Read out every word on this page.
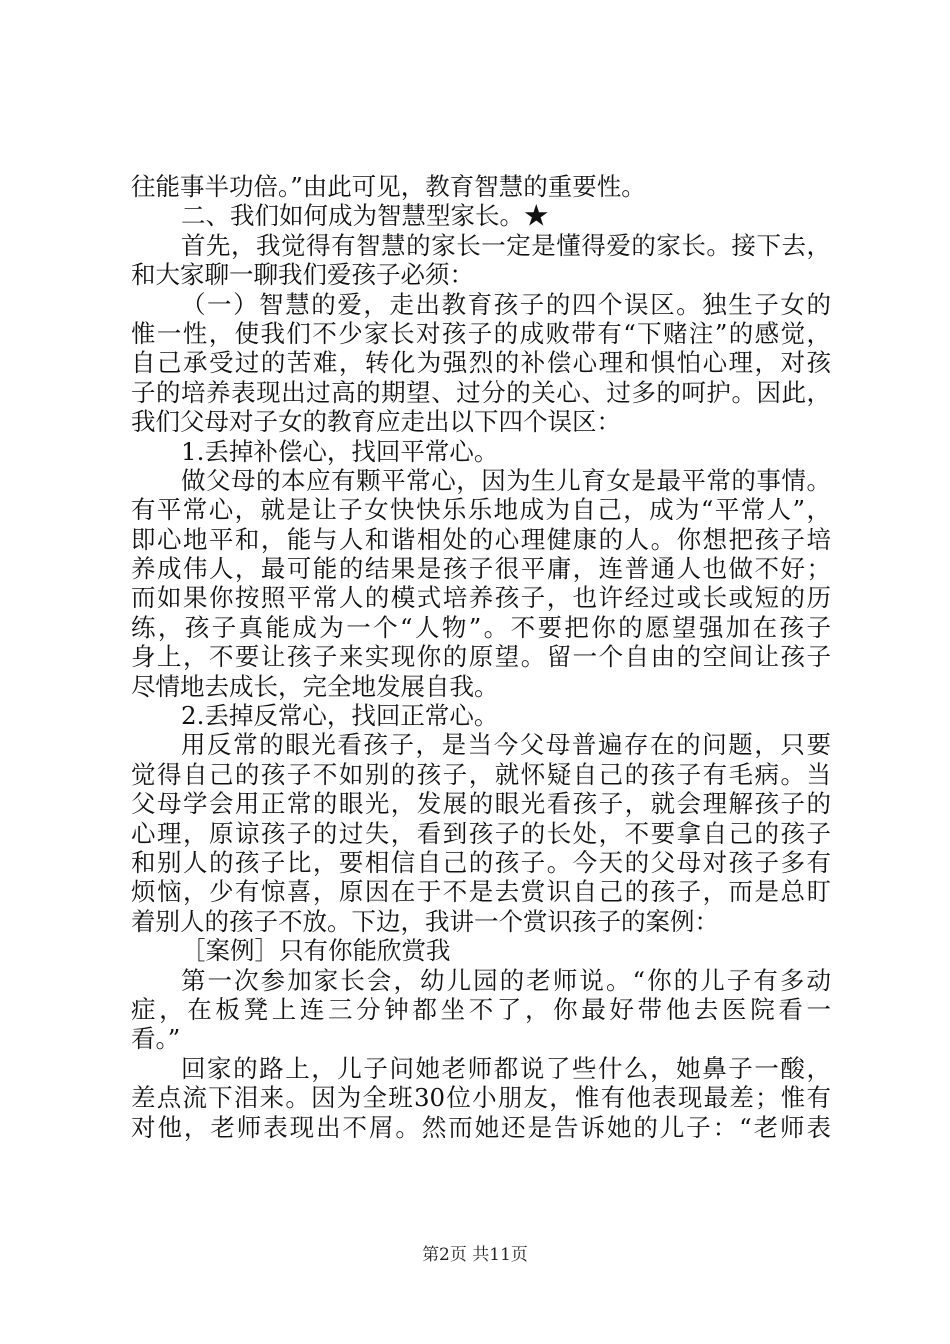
往能事半功倍。”由此可见，教育智慧的重要性。
二、我们如何成为智慧型家长。★
首先，我觉得有智慧的家长一定是懂得爱的家长。接下去，
和大家聊一聊我们爱孩子必须：
（一）智慧的爱，走出教育孩子的四个误区。独生子女的
惟一性，使我们不少家长对孩子的成败带有“下赌注”的感觉，
自己承受过的苦难，转化为强烈的补偿心理和惧怕心理，对孩
子的培养表现出过高的期望、过分的关心、过多的呵护。因此，
我们父母对子女的教育应走出以下四个误区：
1.丢掉补偿心，找回平常心。
做父母的本应有颗平常心，因为生儿育女是最平常的事情。
有平常心，就是让子女快快乐乐地成为自己，成为“平常人”，
即心地平和，能与人和谐相处的心理健康的人。你想把孩子培
养成伟人，最可能的结果是孩子很平庸，连普通人也做不好；
而如果你按照平常人的模式培养孩子，也许经过或长或短的历
练，孩子真能成为一个“人物”。不要把你的愿望强加在孩子
身上，不要让孩子来实现你的原望。留一个自由的空间让孩子
尽情地去成长，完全地发展自我。
2.丢掉反常心，找回正常心。
用反常的眼光看孩子，是当今父母普遍存在的问题，只要
觉得自己的孩子不如别的孩子，就怀疑自己的孩子有毛病。当
父母学会用正常的眼光，发展的眼光看孩子，就会理解孩子的
心理，原谅孩子的过失，看到孩子的长处，不要拿自己的孩子
和别人的孩子比，要相信自己的孩子。今天的父母对孩子多有
烦恼，少有惊喜，原因在于不是去赏识自己的孩子，而是总盯
着别人的孩子不放。下边，我讲一个赏识孩子的案例：
［案例］只有你能欣赏我
第一次参加家长会，幼儿园的老师说。“你的儿子有多动
症，在板凳上连三分钟都坐不了，你最好带他去医院看一
看。”
回家的路上，儿子问她老师都说了些什么，她鼻子一酸，
差点流下泪来。因为全班30位小朋友，惟有他表现最差；惟有
对他，老师表现出不屑。然而她还是告诉她的儿子：“老师表
第2页 共11页
